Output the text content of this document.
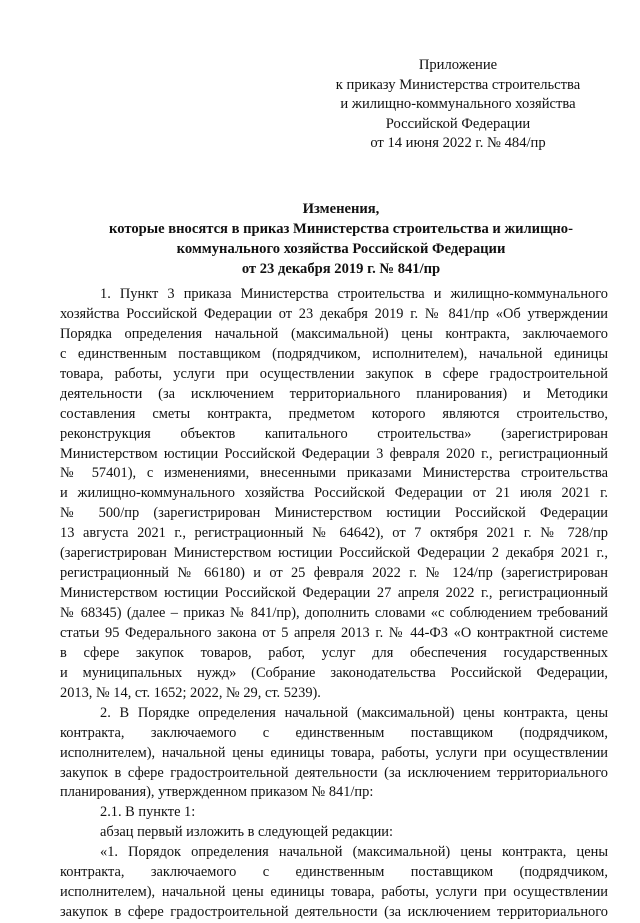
Приложение
к приказу Министерства строительства
и жилищно-коммунального хозяйства
Российской Федерации
от 14 июня 2022 г. № 484/пр
Изменения,
которые вносятся в приказ Министерства строительства и жилищно-
коммунального хозяйства Российской Федерации
от 23 декабря 2019 г. № 841/пр
1. Пункт 3 приказа Министерства строительства и жилищно-коммунального
хозяйства Российской Федерации от 23 декабря 2019 г. № 841/пр «Об утверждении
Порядка определения начальной (максимальной) цены контракта, заключаемого
с единственным поставщиком (подрядчиком, исполнителем), начальной единицы
товара, работы, услуги при осуществлении закупок в сфере градостроительной
деятельности (за исключением территориального планирования) и Методики
составления сметы контракта, предметом которого являются строительство,
реконструкция объектов капитального строительства» (зарегистрирован
Министерством юстиции Российской Федерации 3 февраля 2020 г., регистрационный
№ 57401), с изменениями, внесенными приказами Министерства строительства
и жилищно-коммунального хозяйства Российской Федерации от 21 июля 2021 г.
№ 500/пр (зарегистрирован Министерством юстиции Российской Федерации
13 августа 2021 г., регистрационный № 64642), от 7 октября 2021 г. № 728/пр
(зарегистрирован Министерством юстиции Российской Федерации 2 декабря 2021 г.,
регистрационный № 66180) и от 25 февраля 2022 г. № 124/пр (зарегистрирован
Министерством юстиции Российской Федерации 27 апреля 2022 г., регистрационный
№ 68345) (далее – приказ № 841/пр), дополнить словами «с соблюдением требований
статьи 95 Федерального закона от 5 апреля 2013 г. № 44-ФЗ «О контрактной системе
в сфере закупок товаров, работ, услуг для обеспечения государственных
и муниципальных нужд» (Собрание законодательства Российской Федерации,
2013, № 14, ст. 1652; 2022, № 29, ст. 5239).
2. В Порядке определения начальной (максимальной) цены контракта, цены
контракта, заключаемого с единственным поставщиком (подрядчиком,
исполнителем), начальной цены единицы товара, работы, услуги при осуществлении
закупок в сфере градостроительной деятельности (за исключением территориального
планирования), утвержденном приказом № 841/пр:
2.1. В пункте 1:
абзац первый изложить в следующей редакции:
«1. Порядок определения начальной (максимальной) цены контракта, цены
контракта, заключаемого с единственным поставщиком (подрядчиком,
исполнителем), начальной цены единицы товара, работы, услуги при осуществлении
закупок в сфере градостроительной деятельности (за исключением территориального
